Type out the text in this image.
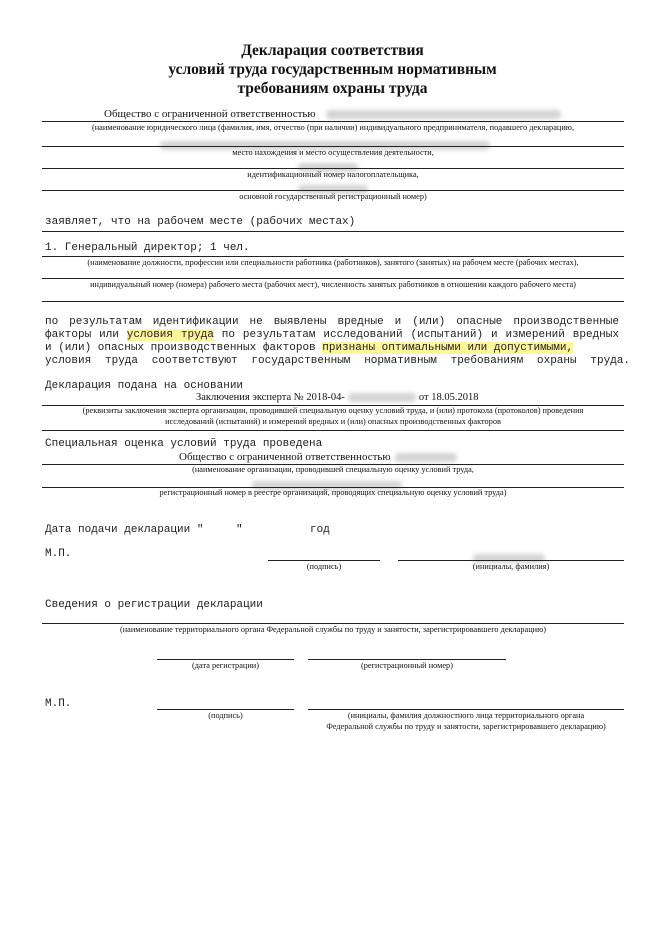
Декларация соответствия
условий труда государственным нормативным
требованиям охраны труда
Общество с ограниченной ответственностью
(наименование юридического лица (фамилия, имя, отчество (при наличии) индивидуального предпринимателя, подавшего декларацию,
место нахождения и место осуществления деятельности,
идентификационный номер налогоплательщика,
основной государственный регистрационный номер)
заявляет, что на рабочем месте (рабочих местах)
1. Генеральный директор; 1 чел.
(наименование должности, профессии или специальности работника (работников), занятого (занятых) на рабочем месте (рабочих местах),
индивидуальный номер (номера) рабочего места (рабочих мест), численность занятых работников в отношении каждого рабочего места)
по результатам идентификации не выявлены вредные и (или) опасные производственные
факторы или условия труда по результатам исследований (испытаний) и измерений вредных
и (или) опасных производственных факторов признаны оптимальными или допустимыми,
условия труда соответствуют государственным нормативным требованиям охраны труда.
Декларация подана на основании
Заключения эксперта № 2018-04-	от 18.05.2018
(реквизиты заключения эксперта организации, проводившей специальную оценку условий труда, и (или) протокола (протоколов) проведения
исследований (испытаний) и измерений вредных и (или) опасных производственных факторов
Специальная оценка условий труда проведена
Общество с ограниченной ответственностью
(наименование организации, проводившей специальную оценку условий труда,
регистрационный номер в реестре организаций, проводящих специальную оценку условий труда)
Дата подачи декларации "	"	год
М.П.
(подпись)	(инициалы, фамилия)
Сведения о регистрации декларации
(наименование территориального органа Федеральной службы по труду и занятости, зарегистрировавшего декларацию)
(дата регистрации)	(регистрационный номер)
М.П.
(подпись)	(инициалы, фамилия должностного лица территориального органа
Федеральной службы по труду и занятости, зарегистрировавшего декларацию)
